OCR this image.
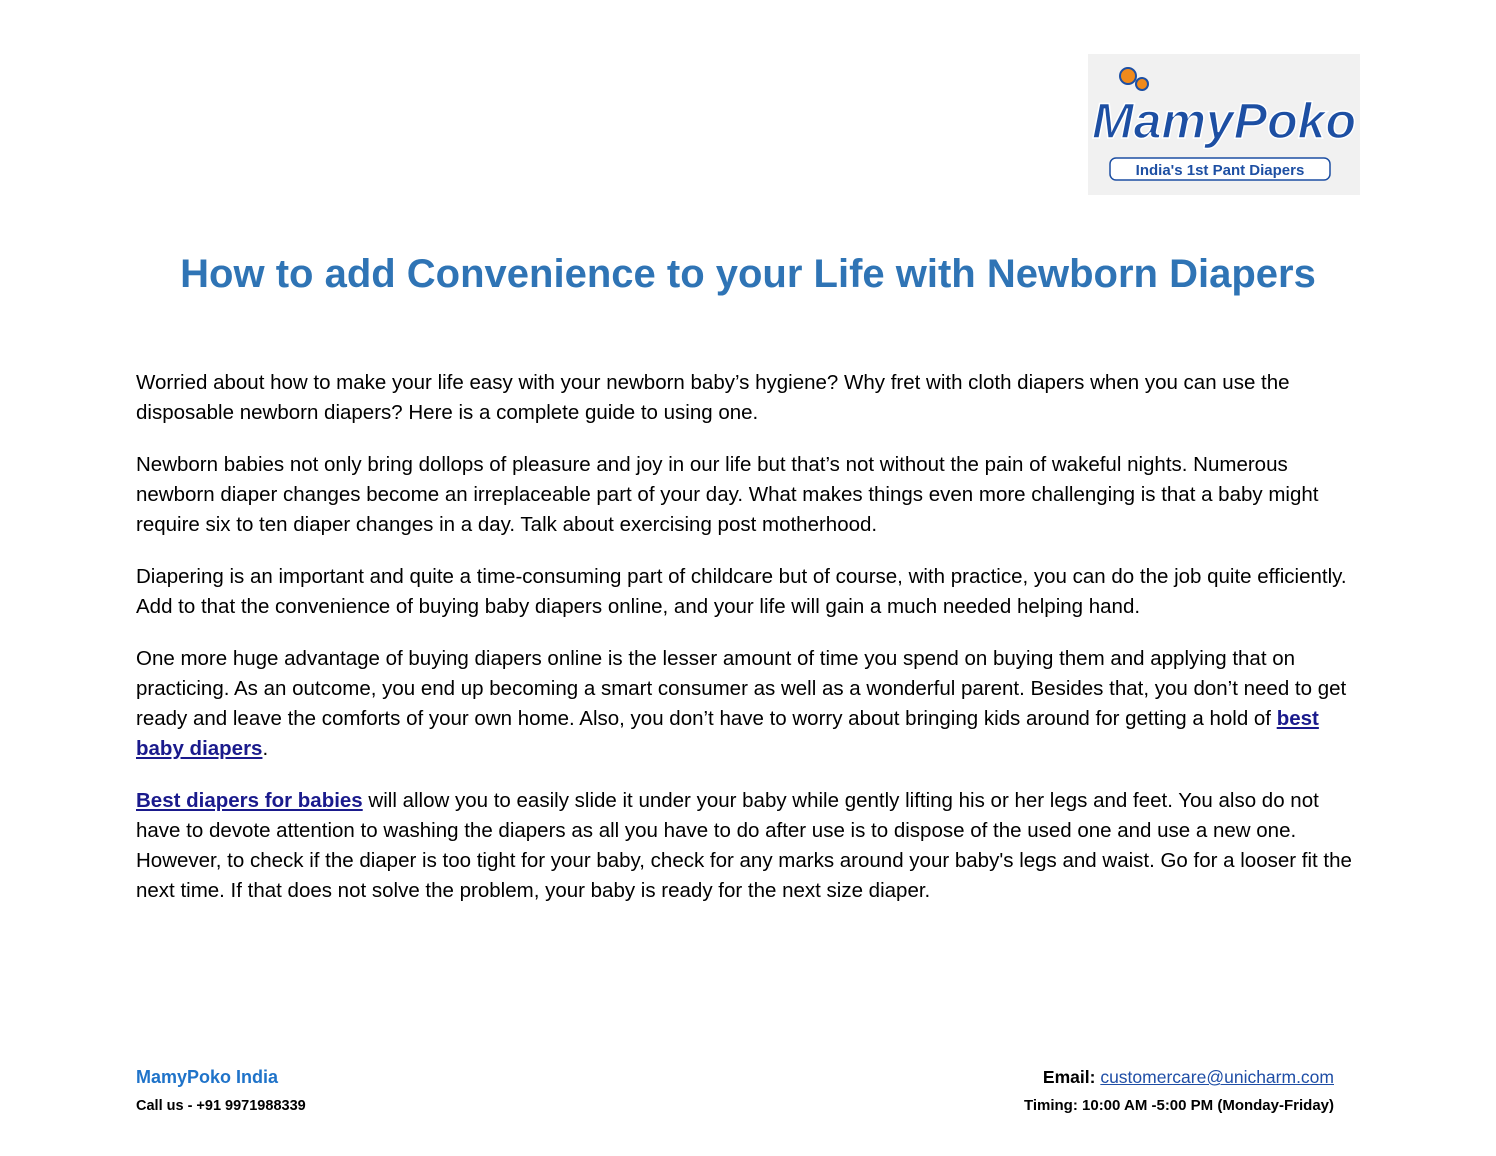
MamyPoko
India's 1st Pant Diapers
How to add Convenience to your Life with Newborn Diapers

Worried about how to make your life easy with your newborn baby’s hygiene? Why fret with cloth diapers when you can use the disposable newborn diapers? Here is a complete guide to using one.

Newborn babies not only bring dollops of pleasure and joy in our life but that’s not without the pain of wakeful nights. Numerous newborn diaper changes become an irreplaceable part of your day. What makes things even more challenging is that a baby might require six to ten diaper changes in a day. Talk about exercising post motherhood.

Diapering is an important and quite a time-consuming part of childcare but of course, with practice, you can do the job quite efficiently. Add to that the convenience of buying baby diapers online, and your life will gain a much needed helping hand.

One more huge advantage of buying diapers online is the lesser amount of time you spend on buying them and applying that on practicing. As an outcome, you end up becoming a smart consumer as well as a wonderful parent. Besides that, you don’t need to get ready and leave the comforts of your own home. Also, you don’t have to worry about bringing kids around for getting a hold of best baby diapers.

Best diapers for babies will allow you to easily slide it under your baby while gently lifting his or her legs and feet. You also do not have to devote attention to washing the diapers as all you have to do after use is to dispose of the used one and use a new one. However, to check if the diaper is too tight for your baby, check for any marks around your baby's legs and waist. Go for a looser fit the next time. If that does not solve the problem, your baby is ready for the next size diaper.

MamyPoko India
Call us - +91 9971988339
Email: customercare@unicharm.com
Timing: 10:00 AM -5:00 PM (Monday-Friday)
